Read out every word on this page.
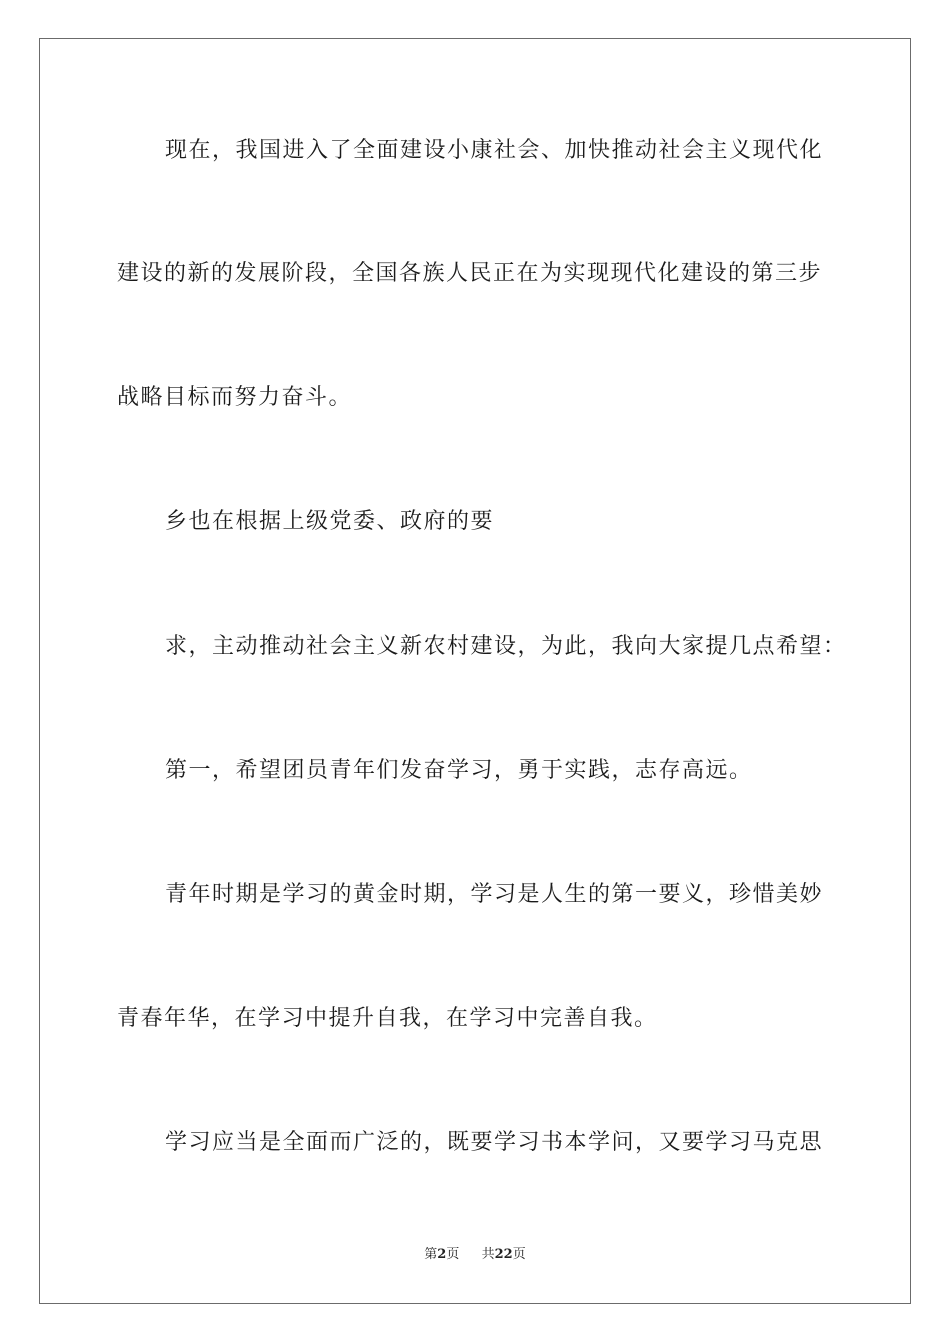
现在，我国进入了全面建设小康社会、加快推动社会主义现代化
建设的新的发展阶段，全国各族人民正在为实现现代化建设的第三步
战略目标而努力奋斗。
乡也在根据上级党委、政府的要
求，主动推动社会主义新农村建设，为此，我向大家提几点希望：
第一，希望团员青年们发奋学习，勇于实践，志存高远。
青年时期是学习的黄金时期，学习是人生的第一要义，珍惜美妙
青春年华，在学习中提升自我，在学习中完善自我。
学习应当是全面而广泛的，既要学习书本学问，又要学习马克思
第2页 共22页
